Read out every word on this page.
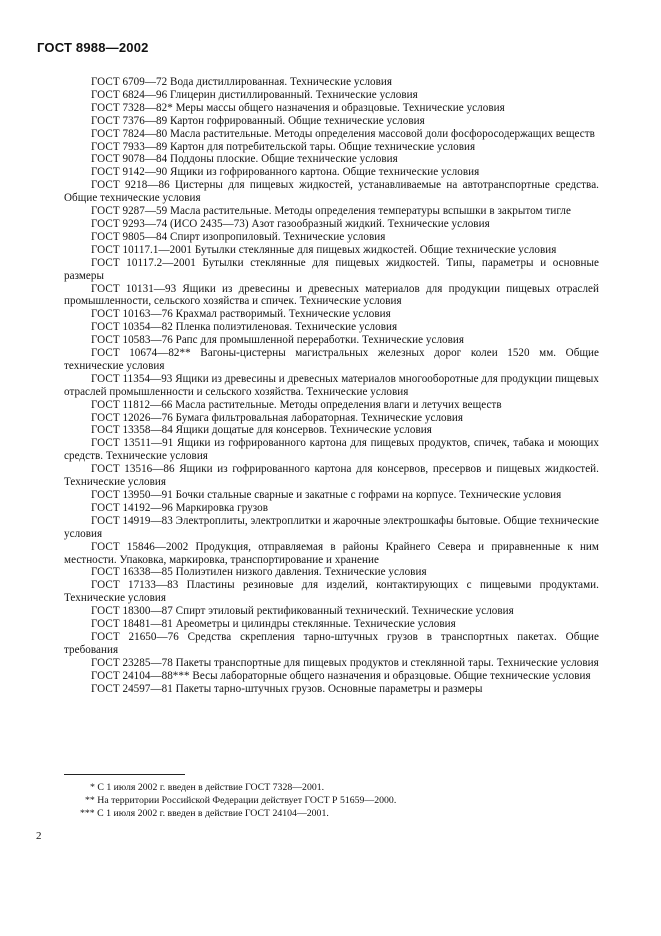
ГОСТ 8988—2002

ГОСТ 6709—72 Вода дистиллированная. Технические условия

ГОСТ 6824—96 Глицерин дистиллированный. Технические условия

ГОСТ 7328—82* Меры массы общего назначения и образцовые. Технические условия

ГОСТ 7376—89 Картон гофрированный. Общие технические условия

ГОСТ 7824—80 Масла растительные. Методы определения массовой доли фосфоросодержащих веществ

ГОСТ 7933—89 Картон для потребительской тары. Общие технические условия

ГОСТ 9078—84 Поддоны плоские. Общие технические условия

ГОСТ 9142—90 Ящики из гофрированного картона. Общие технические условия

ГОСТ 9218—86 Цистерны для пищевых жидкостей, устанавливаемые на автотранспортные средства. Общие технические условия

ГОСТ 9287—59 Масла растительные. Методы определения температуры вспышки в закрытом тигле

ГОСТ 9293—74 (ИСО 2435—73) Азот газообразный жидкий. Технические условия

ГОСТ 9805—84 Спирт изопропиловый. Технические условия

ГОСТ 10117.1—2001 Бутылки стеклянные для пищевых жидкостей. Общие технические условия

ГОСТ 10117.2—2001 Бутылки стеклянные для пищевых жидкостей. Типы, параметры и основные размеры

ГОСТ 10131—93 Ящики из древесины и древесных материалов для продукции пищевых отраслей промышленности, сельского хозяйства и спичек. Технические условия

ГОСТ 10163—76 Крахмал растворимый. Технические условия

ГОСТ 10354—82 Пленка полиэтиленовая. Технические условия

ГОСТ 10583—76 Рапс для промышленной переработки. Технические условия

ГОСТ 10674—82** Вагоны-цистерны магистральных железных дорог колеи 1520 мм. Общие технические условия

ГОСТ 11354—93 Ящики из древесины и древесных материалов многооборотные для продукции пищевых отраслей промышленности и сельского хозяйства. Технические условия

ГОСТ 11812—66 Масла растительные. Методы определения влаги и летучих веществ

ГОСТ 12026—76 Бумага фильтровальная лабораторная. Технические условия

ГОСТ 13358—84 Ящики дощатые для консервов. Технические условия

ГОСТ 13511—91 Ящики из гофрированного картона для пищевых продуктов, спичек, табака и моющих средств. Технические условия

ГОСТ 13516—86 Ящики из гофрированного картона для консервов, пресервов и пищевых жидкостей. Технические условия

ГОСТ 13950—91 Бочки стальные сварные и закатные с гофрами на корпусе. Технические условия

ГОСТ 14192—96 Маркировка грузов

ГОСТ 14919—83 Электроплиты, электроплитки и жарочные электрошкафы бытовые. Общие технические условия

ГОСТ 15846—2002 Продукция, отправляемая в районы Крайнего Севера и приравненные к ним местности. Упаковка, маркировка, транспортирование и хранение

ГОСТ 16338—85 Полиэтилен низкого давления. Технические условия

ГОСТ 17133—83 Пластины резиновые для изделий, контактирующих с пищевыми продуктами. Технические условия

ГОСТ 18300—87 Спирт этиловый ректификованный технический. Технические условия

ГОСТ 18481—81 Ареометры и цилиндры стеклянные. Технические условия

ГОСТ 21650—76 Средства скрепления тарно-штучных грузов в транспортных пакетах. Общие требования

ГОСТ 23285—78 Пакеты транспортные для пищевых продуктов и стеклянной тары. Технические условия

ГОСТ 24104—88*** Весы лабораторные общего назначения и образцовые. Общие технические условия

ГОСТ 24597—81 Пакеты тарно-штучных грузов. Основные параметры и размеры

* С 1 июля 2002 г. введен в действие ГОСТ 7328—2001.

** На территории Российской Федерации действует ГОСТ Р 51659—2000.

*** С 1 июля 2002 г. введен в действие ГОСТ 24104—2001.

2
